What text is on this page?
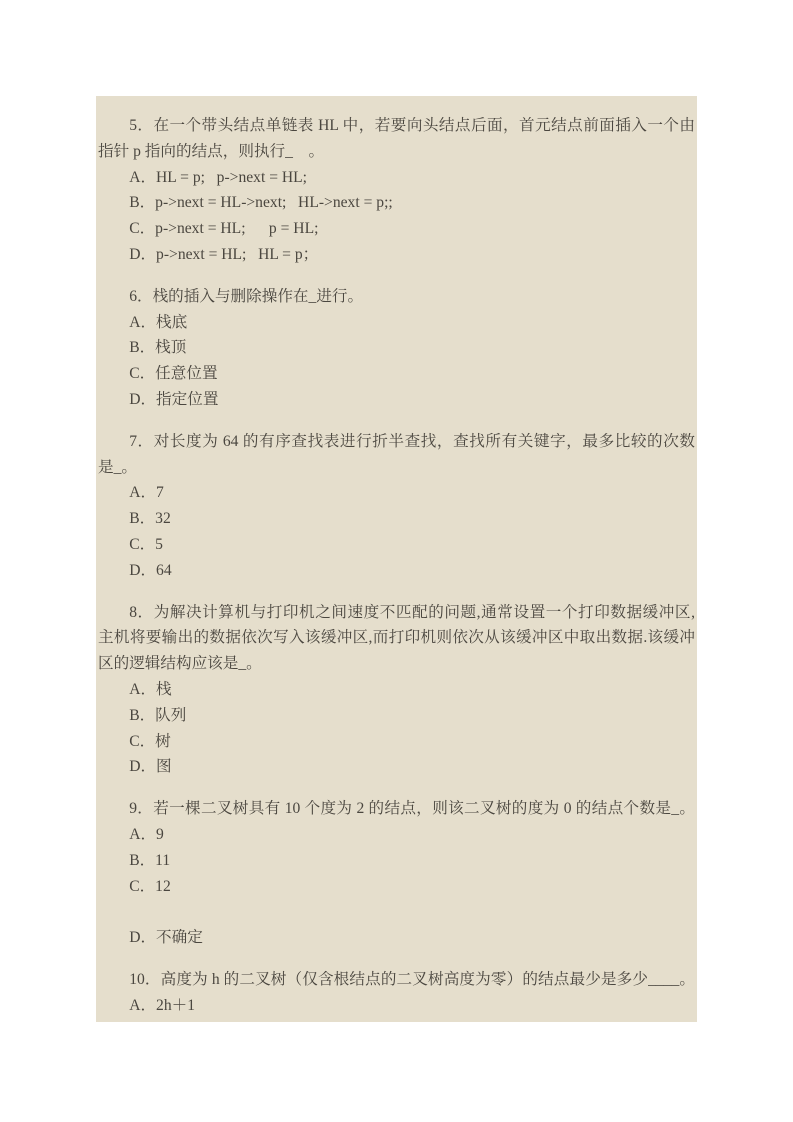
5．在一个带头结点单链表 HL 中，若要向头结点后面，首元结点前面插入一个由
指针 p 指向的结点，则执行_　。
A．HL = p;   p->next = HL;
B．p->next = HL->next;   HL->next = p;;
C．p->next = HL;      p = HL;
D．p->next = HL;   HL = p；
6．栈的插入与删除操作在_进行。
A．栈底
B．栈顶
C．任意位置
D．指定位置
7．对长度为 64 的有序查找表进行折半查找，查找所有关键字，最多比较的次数
是_。
A．7
B．32
C．5
D．64
8．为解决计算机与打印机之间速度不匹配的问题,通常设置一个打印数据缓冲区,
主机将要输出的数据依次写入该缓冲区,而打印机则依次从该缓冲区中取出数据.该缓冲
区的逻辑结构应该是_。
A．栈
B．队列
C．树
D．图
9．若一棵二叉树具有 10 个度为 2 的结点，则该二叉树的度为 0 的结点个数是_。
A．9
B．11
C．12
D．不确定
10．高度为 h 的二叉树（仅含根结点的二叉树高度为零）的结点最少是多少____。
A．2h＋1
